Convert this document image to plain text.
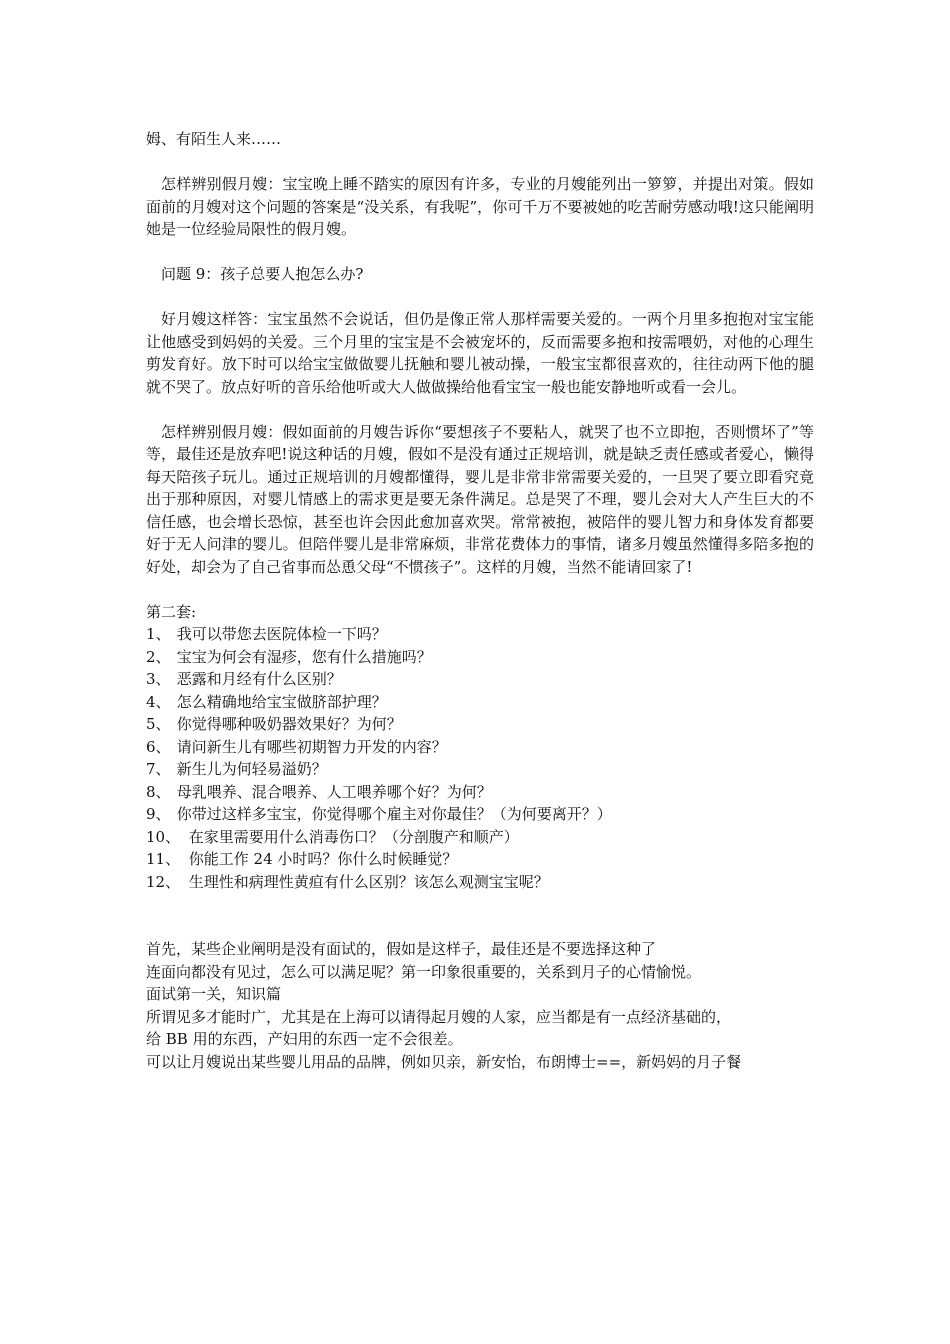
姆、有陌生人来……

怎样辨别假月嫂：宝宝晚上睡不踏实的原因有许多，专业的月嫂能列出一箩箩，并提出对策。假如面前的月嫂对这个问题的答案是“没关系，有我呢”，你可千万不要被她的吃苦耐劳感动哦!这只能阐明她是一位经验局限性的假月嫂。

问题 9：孩子总要人抱怎么办?

好月嫂这样答：宝宝虽然不会说话，但仍是像正常人那样需要关爱的。一两个月里多抱抱对宝宝能让他感受到妈妈的关爱。三个月里的宝宝是不会被宠坏的，反而需要多抱和按需喂奶，对他的心理生剪发育好。放下时可以给宝宝做做婴儿抚触和婴儿被动操，一般宝宝都很喜欢的，往往动两下他的腿就不哭了。放点好听的音乐给他听或大人做做操给他看宝宝一般也能安静地听或看一会儿。

怎样辨别假月嫂：假如面前的月嫂告诉你“要想孩子不要粘人，就哭了也不立即抱，否则惯坏了”等等，最佳还是放弃吧!说这种话的月嫂，假如不是没有通过正规培训，就是缺乏责任感或者爱心，懒得每天陪孩子玩儿。通过正规培训的月嫂都懂得，婴儿是非常非常需要关爱的，一旦哭了要立即看究竟出于那种原因，对婴儿情感上的需求更是要无条件满足。总是哭了不理，婴儿会对大人产生巨大的不信任感，也会增长恐惊，甚至也许会因此愈加喜欢哭。常常被抱，被陪伴的婴儿智力和身体发育都要好于无人问津的婴儿。但陪伴婴儿是非常麻烦，非常花费体力的事情，诸多月嫂虽然懂得多陪多抱的好处，却会为了自己省事而怂恿父母“不惯孩子”。这样的月嫂，当然不能请回家了!

第二套:

1、 我可以带您去医院体检一下吗？
2、 宝宝为何会有湿疹，您有什么措施吗？
3、 恶露和月经有什么区别？
4、 怎么精确地给宝宝做脐部护理？
5、 你觉得哪种吸奶器效果好？为何？
6、 请问新生儿有哪些初期智力开发的内容？
7、 新生儿为何轻易溢奶？
8、 母乳喂养、混合喂养、人工喂养哪个好？为何？
9、 你带过这样多宝宝，你觉得哪个雇主对你最佳？（为何要离开？）
10、 在家里需要用什么消毒伤口？（分剖腹产和顺产）
11、 你能工作 24 小时吗？你什么时候睡觉？
12、 生理性和病理性黄疸有什么区别？该怎么观测宝宝呢？

首先，某些企业阐明是没有面试的，假如是这样子，最佳还是不要选择这种了

连面向都没有见过，怎么可以满足呢？第一印象很重要的，关系到月子的心情愉悦。

面试第一关，知识篇

所谓见多才能时广，尤其是在上海可以请得起月嫂的人家，应当都是有一点经济基础的，

给 BB 用的东西，产妇用的东西一定不会很差。

可以让月嫂说出某些婴儿用品的品牌，例如贝亲，新安怡，布朗博士==，新妈妈的月子餐
